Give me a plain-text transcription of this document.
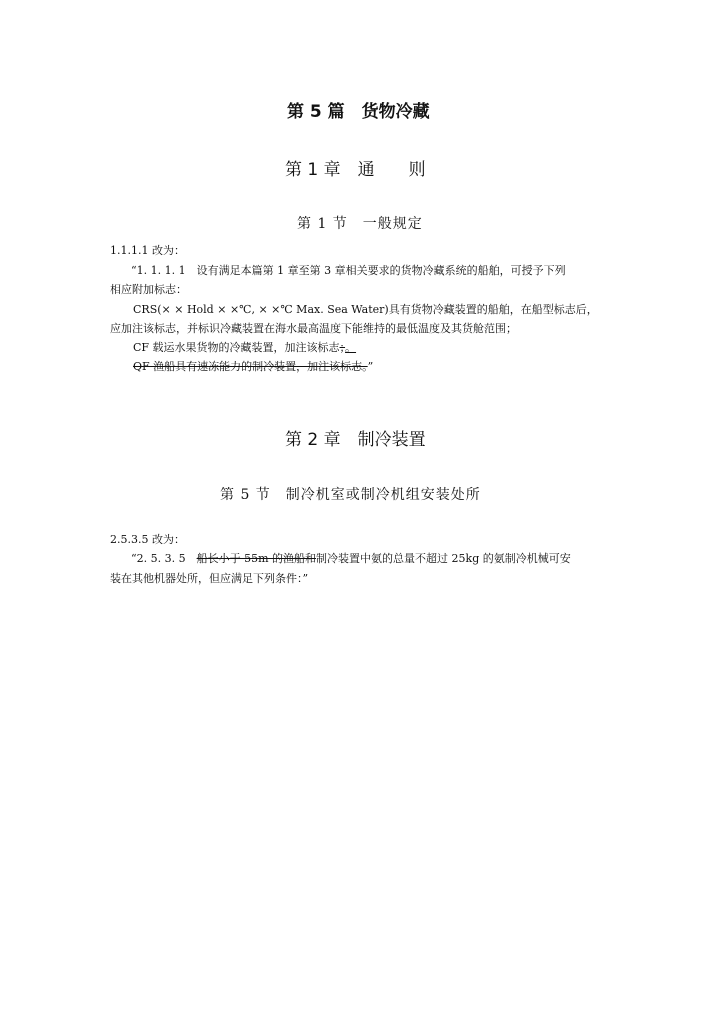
第 5 篇　货物冷藏
第 1 章　通　　则
第 1 节　一般规定
1.1.1.1 改为：
“1. 1. 1. 1　设有满足本篇第 1 章至第 3 章相关要求的货物冷藏系统的船舶，可授予下列
相应附加标志：
CRS(× × Hold × ×℃, × ×℃ Max. Sea Water)具有货物冷藏装置的船舶，在船型标志后，
应加注该标志，并标识冷藏装置在海水最高温度下能维持的最低温度及其货舱范围；
CF 载运水果货物的冷藏装置，加注该标志；。
QF 渔船具有速冻能力的制冷装置，加注该标志。”
第 2 章　制冷装置
第 5 节　制冷机室或制冷机组安装处所
2.5.3.5 改为：
“2. 5. 3. 5　船长小于 55m 的渔船和制冷装置中氨的总量不超过 25kg 的氨制冷机械可安
装在其他机器处所，但应满足下列条件：”
